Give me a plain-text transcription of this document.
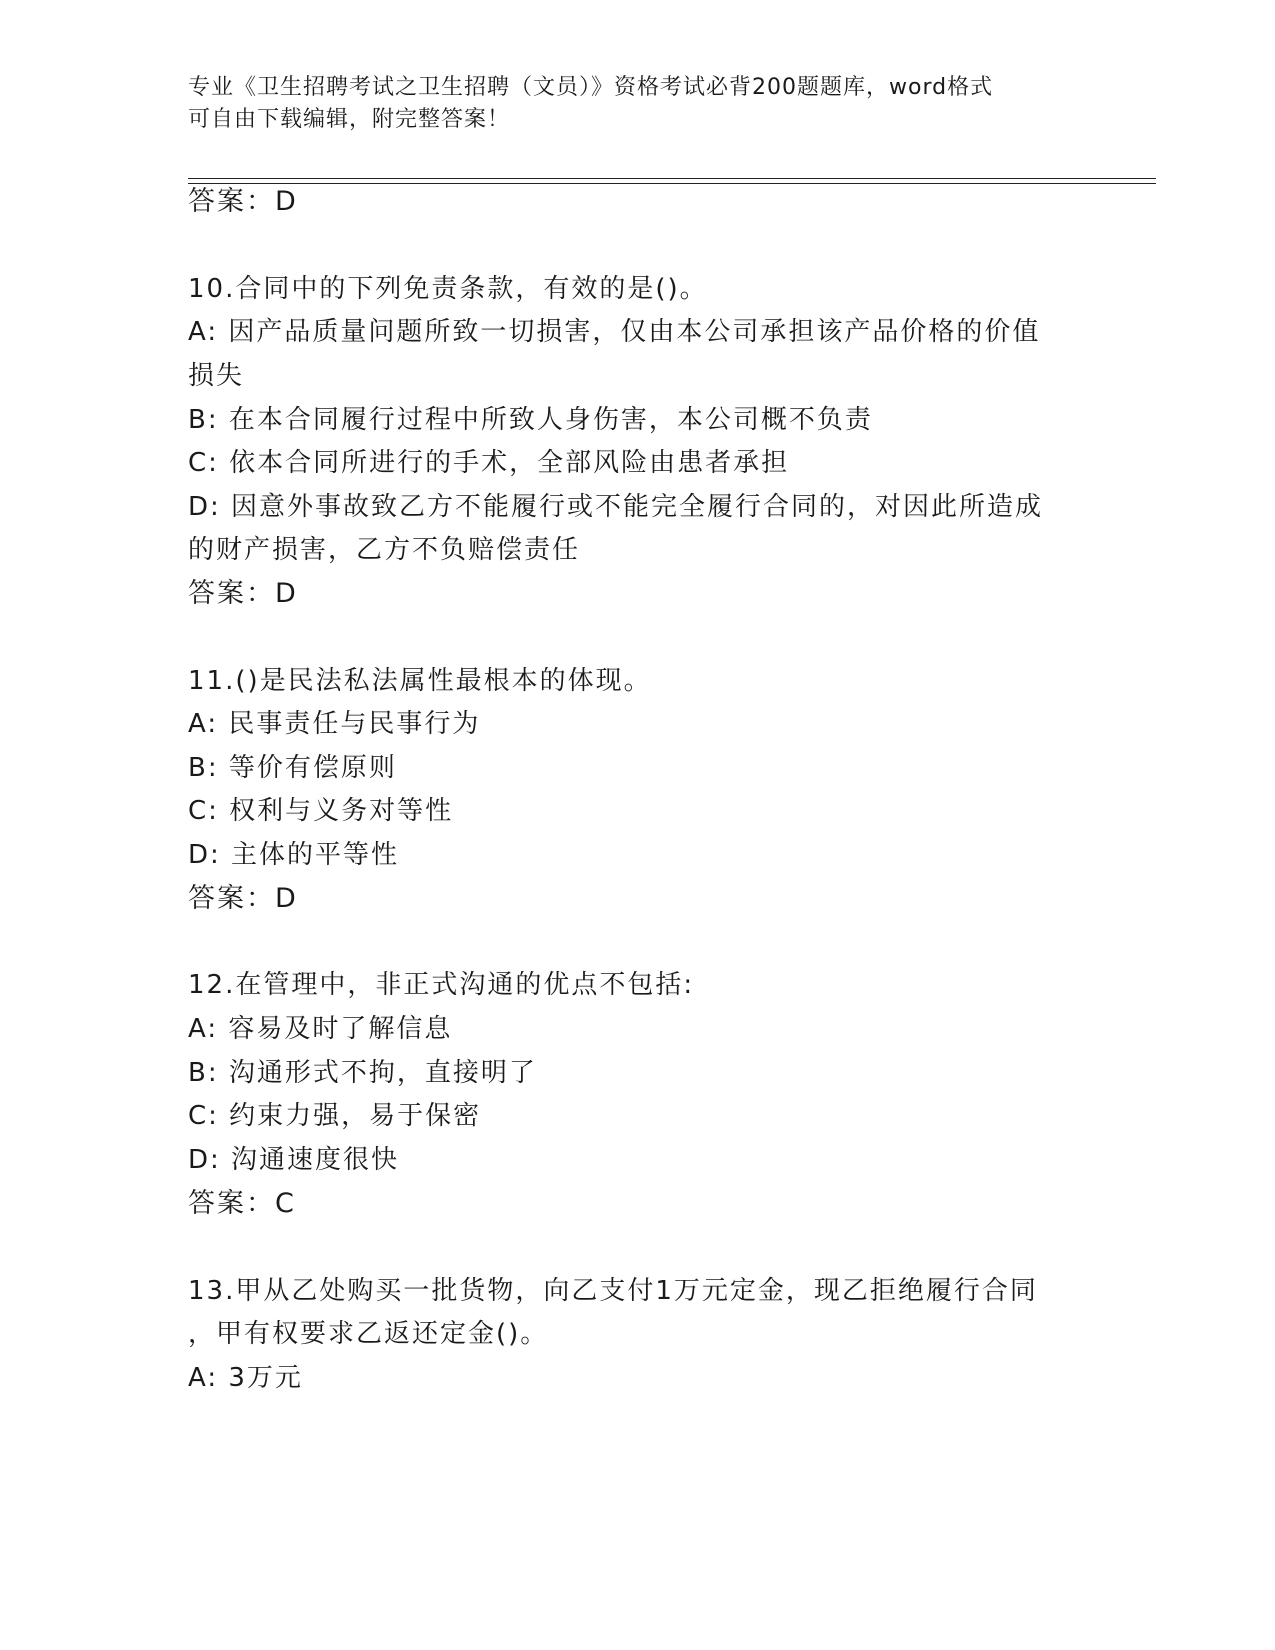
专业《卫生招聘考试之卫生招聘（文员）》资格考试必背200题题库，word格式
可自由下载编辑，附完整答案！
答案：D
10.合同中的下列免责条款，有效的是()。
A: 因产品质量问题所致一切损害，仅由本公司承担该产品价格的价值
损失
B: 在本合同履行过程中所致人身伤害，本公司概不负责
C: 依本合同所进行的手术，全部风险由患者承担
D: 因意外事故致乙方不能履行或不能完全履行合同的，对因此所造成
的财产损害，乙方不负赔偿责任
答案：D
11.()是民法私法属性最根本的体现。
A: 民事责任与民事行为
B: 等价有偿原则
C: 权利与义务对等性
D: 主体的平等性
答案：D
12.在管理中，非正式沟通的优点不包括:
A: 容易及时了解信息
B: 沟通形式不拘，直接明了
C: 约束力强，易于保密
D: 沟通速度很快
答案：C
13.甲从乙处购买一批货物，向乙支付1万元定金，现乙拒绝履行合同
，甲有权要求乙返还定金()。
A: 3万元
